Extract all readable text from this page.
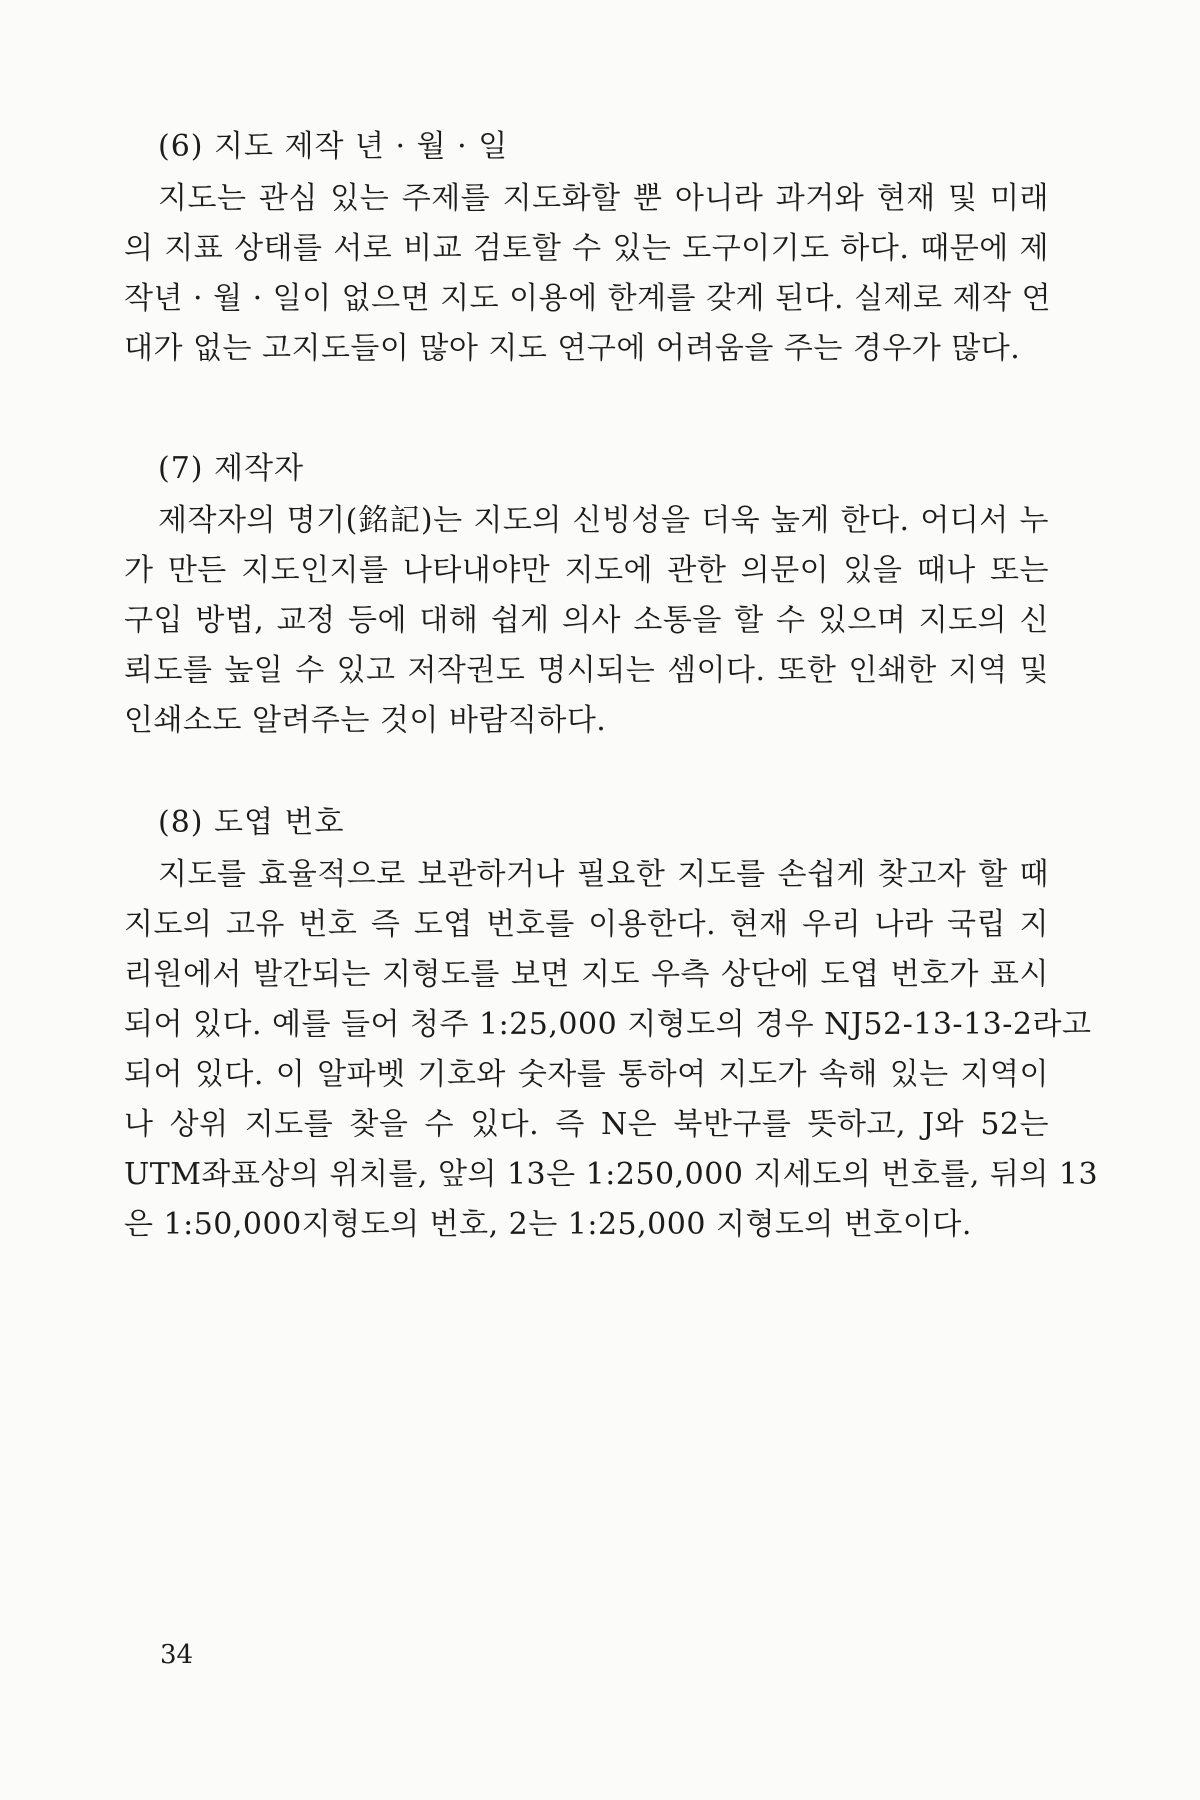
(6) 지도 제작 년 · 월 · 일
지도는 관심 있는 주제를 지도화할 뿐 아니라 과거와 현재 및 미래
의 지표 상태를 서로 비교 검토할 수 있는 도구이기도 하다. 때문에 제
작년 · 월 · 일이 없으면 지도 이용에 한계를 갖게 된다. 실제로 제작 연
대가 없는 고지도들이 많아 지도 연구에 어려움을 주는 경우가 많다.
(7) 제작자
제작자의 명기(銘記)는 지도의 신빙성을 더욱 높게 한다. 어디서 누
가 만든 지도인지를 나타내야만 지도에 관한 의문이 있을 때나 또는
구입 방법, 교정 등에 대해 쉽게 의사 소통을 할 수 있으며 지도의 신
뢰도를 높일 수 있고 저작권도 명시되는 셈이다. 또한 인쇄한 지역 및
인쇄소도 알려주는 것이 바람직하다.
(8) 도엽 번호
지도를 효율적으로 보관하거나 필요한 지도를 손쉽게 찾고자 할 때
지도의 고유 번호 즉 도엽 번호를 이용한다. 현재 우리 나라 국립 지
리원에서 발간되는 지형도를 보면 지도 우측 상단에 도엽 번호가 표시
되어 있다. 예를 들어 청주 1:25,000 지형도의 경우 NJ52-13-13-2라고
되어 있다. 이 알파벳 기호와 숫자를 통하여 지도가 속해 있는 지역이
나 상위 지도를 찾을 수 있다. 즉 N은 북반구를 뜻하고, J와 52는
UTM좌표상의 위치를, 앞의 13은 1:250,000 지세도의 번호를, 뒤의 13
은 1:50,000지형도의 번호, 2는 1:25,000 지형도의 번호이다.

34
